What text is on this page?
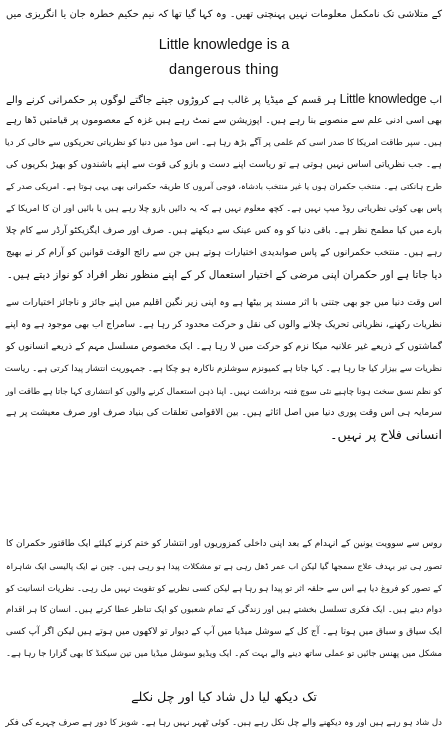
کے متلاشی تک نامکمل معلومات نہیں پہنچتی تھیں۔ وہ کہا گیا تھا کہ نیم حکیم خطرہ جان یا انگریزی میں
Little knowledge is a
dangerous thing
اب Little knowledge ہر قسم کے میڈیا پر غالب ہے کروڑوں جیتے جاگتے لوگوں پر حکمرانی کرنے والے
بھی اسی ادنی علم سے منصوبے بنا رہے ہیں۔ اپوزیشن سے نمٹ رہے ہیں غزہ کے معصوموں پر قیامتیں ڈھا رہے
ہیں۔ سپر طاقت امریکا کا صدر اسی کم علمی پر آگے بڑھ رہا ہے۔ اس موڈ میں دنیا کو نظریاتی تحریکوں سے خالی کر دیا
ہے۔ جب نظریاتی اساس نہیں ہوتی ہے تو ریاست اپنے دست و بازو کی قوت سے اپنے باشندوں کو بھیڑ بکریوں کی
طرح ہانکتی ہے۔ منتخب حکمران ہوں یا غیر منتخب بادشاہ، فوجی آمروں کا طریقہ حکمرانی بھی یہی ہوتا ہے۔ امریکی صدر کے
پاس بھی کوئی نظریاتی روڈ میپ نہیں ہے۔ کچھ معلوم نہیں ہے کہ یہ دائیں بازو چلا رہے ہیں یا بائیں اور ان کا امریکا کے
بارے میں کیا مطمح نظر ہے۔ باقی دنیا کو وہ کس عینک سے دیکھتے ہیں۔ صرف اور صرف ایگزیکٹو آرڈر سے کام چلا
رہے ہیں۔ منتخب حکمرانوں کے پاس صوابدیدی اختیارات ہوتے ہیں جن سے رائج الوقت قوانین کو آرام کر نے بھیج
دیا جاتا ہے اور حکمران اپنی مرضی کے اختیار استعمال کر کے اپنے منظور نظر افراد کو نواز دیتے ہیں۔
اس وقت دنیا میں جو بھی جتنی با اثر مسند پر بیٹھا ہے وہ اپنی زیر نگین اقلیم میں اپنے جائز و ناجائز اختیارات سے
نظریات رکھنے، نظریاتی تحریک چلانے والوں کی نقل و حرکت محدود کر رہا ہے۔ سامراج اب بھی موجود ہے وہ اپنے
گماشتوں کے ذریعے غیر علانیہ میکا نزم کو حرکت میں لا رہا ہے۔ ایک مخصوص مسلسل مہم کے ذریعے انسانوں کو
نظریات سے بیزار کیا جا رہا ہے۔ کہا جاتا ہے کمیونزم سوشلزم ناکارہ ہو چکا ہے۔ جمہوریت انتشار پیدا کرتی ہے۔ ریاست
کو نظم نسق سخت ہونا چاہیے نئی سوچ فتنہ برداشت نہیں۔ اپنا ذہن استعمال کرنے والوں کو انتشاری کہا جاتا ہے طاقت اور
سرمایہ ہی اس وقت پوری دنیا میں اصل اثاثے ہیں۔ بین الاقوامی تعلقات کی بنیاد صرف اور صرف معیشت پر ہے
انسانی فلاح پر نہیں۔
روس سے سوویت یونین کے انہدام کے بعد اپنی داخلی کمزوریوں اور انتشار کو ختم کرنے کیلئے ایک طاقتور حکمران کا
تصور ہی تیر بہدف علاج سمجھا گیا لیکن اب عمر ڈھل رہی ہے تو مشکلات پیدا ہو رہی ہیں۔ چین نے ایک پالیسی ایک شاہراہ
کے تصور کو فروغ دیا ہے اس سے حلقہ اثر تو پیدا ہو رہا ہے لیکن کسی نظریے کو تقویت نہیں مل رہی۔ نظریات انسانیت کو
دوام دیتے ہیں۔ ایک فکری تسلسل بخشتے ہیں اور زندگی کے تمام شعبوں کو ایک تناظر عطا کرتے ہیں۔ انسان کا ہر اقدام
ایک سیاق و سباق میں ہوتا ہے۔ آج کل کے سوشل میڈیا میں آپ کے دیوار تو لاکھوں میں ہوتے ہیں لیکن اگر آپ کسی
مشکل میں پھنس جائیں تو عملی ساتھ دینے والے بہت کم۔ ایک ویڈیو سوشل میڈیا میں تین سیکنڈ کا بھی گزارا جا رہا ہے۔
تک دیکھ لیا دل شاد کیا اور چل نکلے
دل شاد ہو رہے ہیں اور وہ دیکھنے والے چل نکل رہے ہیں۔ کوئی ٹھہر نہیں رہا ہے۔ شوبز کا دور ہے صرف چہرے کی فکر
